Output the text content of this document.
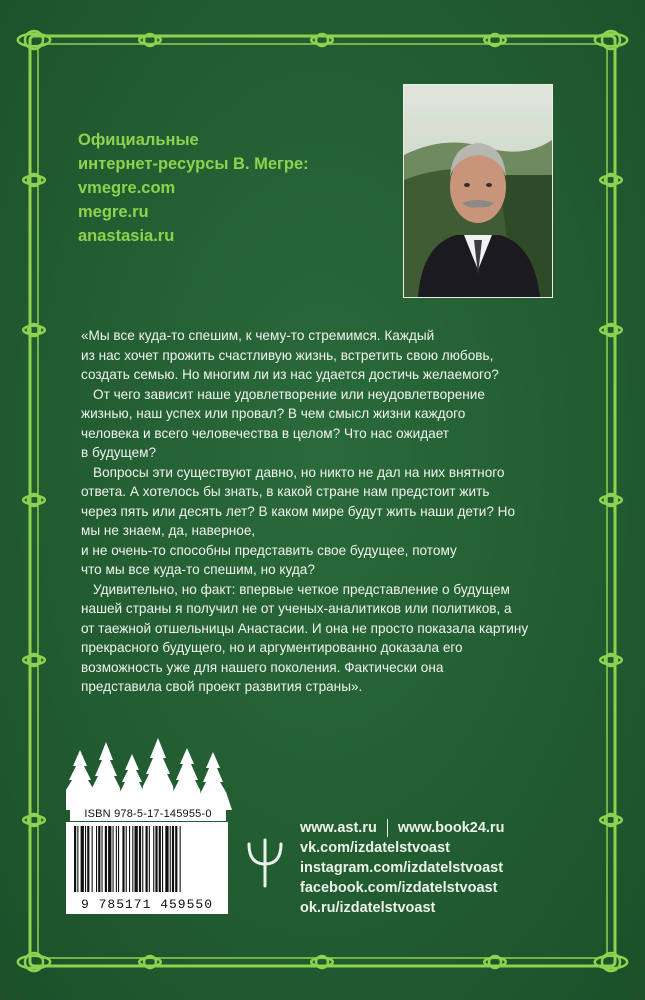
Официальные
интернет-ресурсы В. Мегре:
vmegre.com
megre.ru
anastasia.ru

«Мы все куда-то спешим, к чему-то стремимся. Каждый
из нас хочет прожить счастливую жизнь, встретить свою любовь,
создать семью. Но многим ли из нас удается достичь желаемого?

От чего зависит наше удовлетворение или неудовлетворение
жизнью, наш успех или провал? В чем смысл жизни каждого
человека и всего человечества в целом? Что нас ожидает
в будущем?

Вопросы эти существуют давно, но никто не дал на них внятного
ответа. А хотелось бы знать, в какой стране нам предстоит жить
через пять или десять лет? В каком мире будут жить наши дети? Но
мы не знаем, да, наверное,
и не очень-то способны представить свое будущее, потому
что мы все куда-то спешим, но куда?

Удивительно, но факт: впервые четкое представление о будущем
нашей страны я получил не от ученых-аналитиков или политиков, а
от таежной отшельницы Анастасии. И она не просто показала картину
прекрасного будущего, но и аргументированно доказала его
возможность уже для нашего поколения. Фактически она
представила свой проект развития страны».

ISBN 978-5-17-145955-0
9 785171 459550
www.ast.ru www.book24.ru
vk.com/izdatelstvoast
instagram.com/izdatelstvoast
facebook.com/izdatelstvoast
ok.ru/izdatelstvoast
